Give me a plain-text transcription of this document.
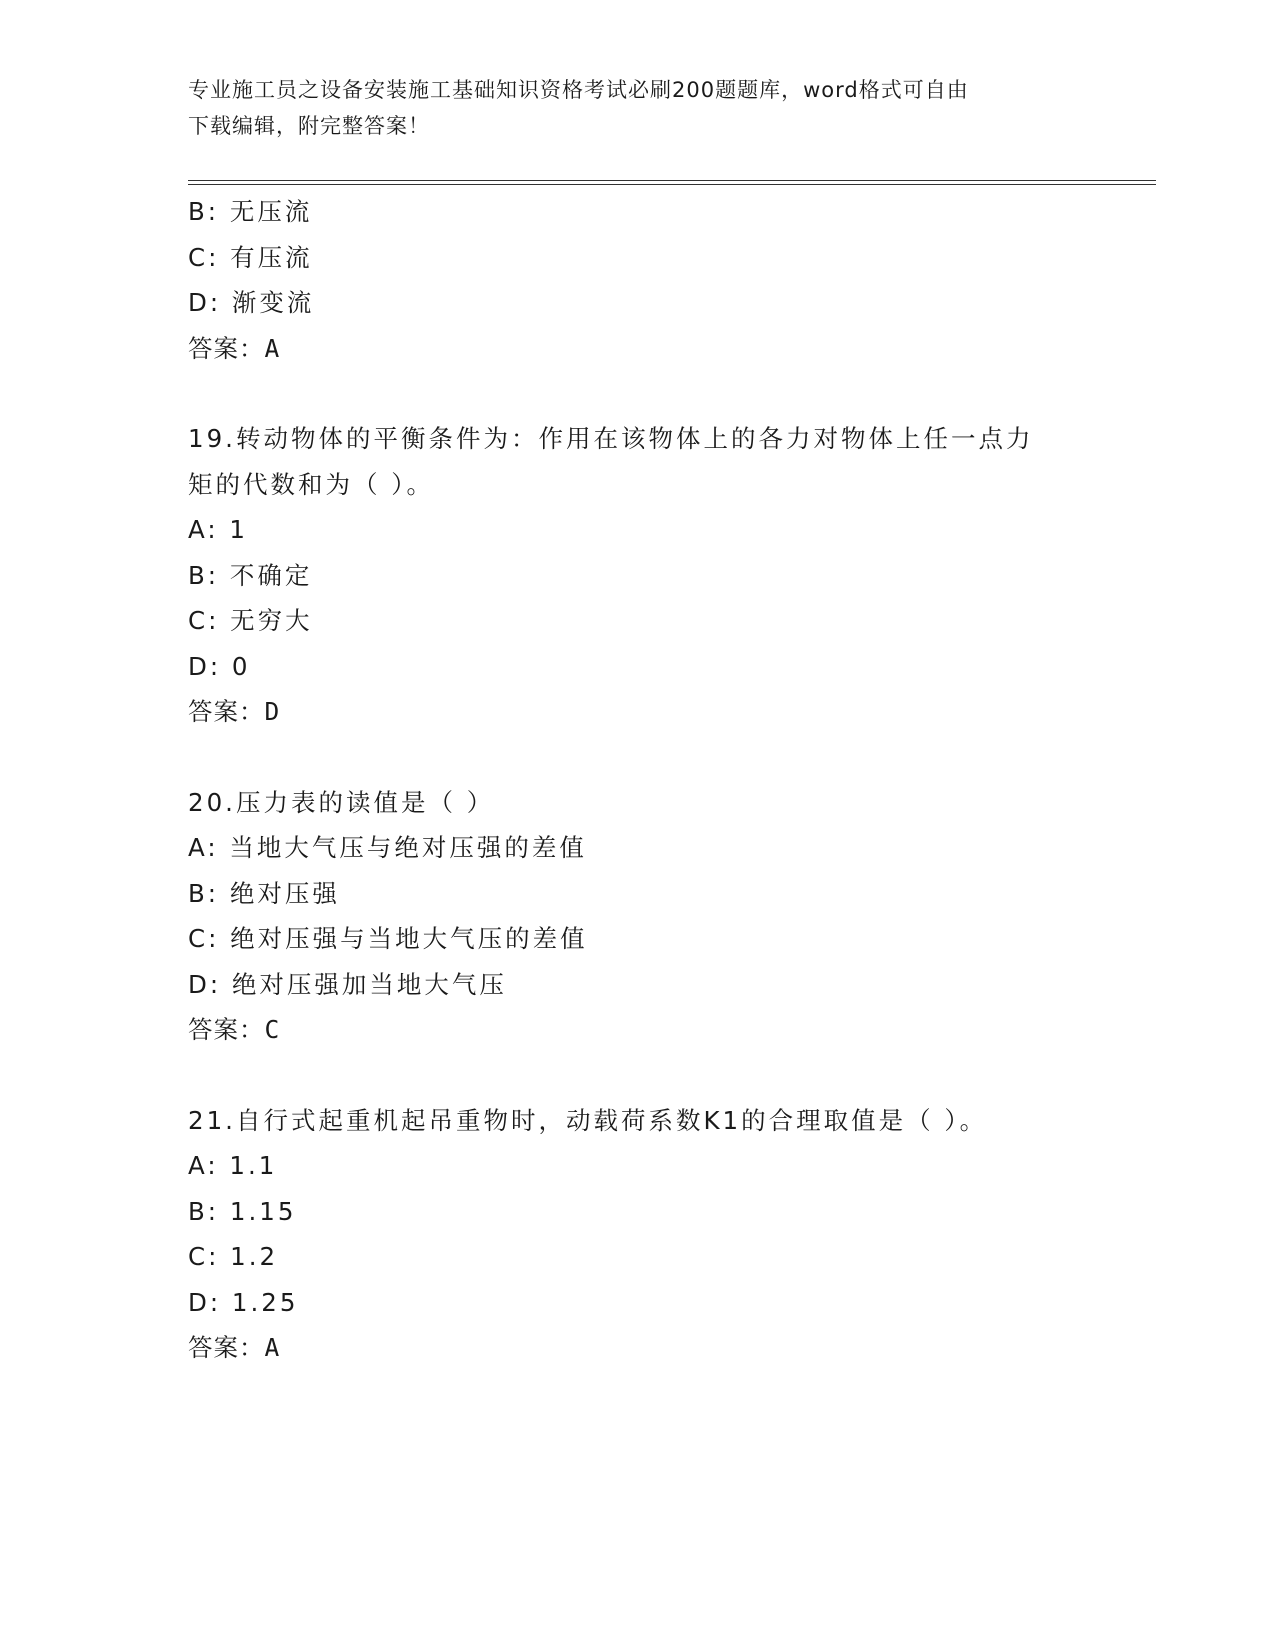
专业施工员之设备安装施工基础知识资格考试必刷200题题库，word格式可自由
下载编辑，附完整答案！
B: 无压流
C: 有压流
D: 渐变流
答案：A
19.转动物体的平衡条件为：作用在该物体上的各力对物体上任一点力
矩的代数和为（ ）。
A: 1
B: 不确定
C: 无穷大
D: 0
答案：D
20.压力表的读值是（ ）
A: 当地大气压与绝对压强的差值
B: 绝对压强
C: 绝对压强与当地大气压的差值
D: 绝对压强加当地大气压
答案：C
21.自行式起重机起吊重物时，动载荷系数K1的合理取值是（ ）。
A: 1.1
B: 1.15
C: 1.2
D: 1.25
答案：A
